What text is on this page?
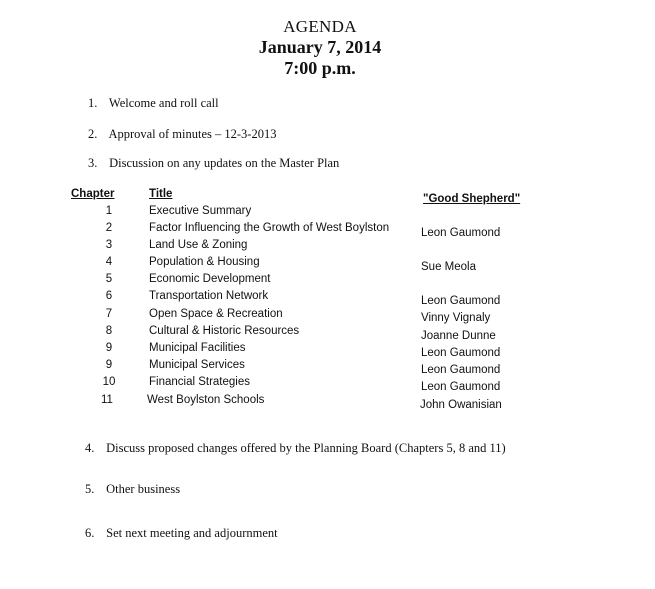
AGENDA
January 7, 2014
7:00 p.m.
1. Welcome and roll call
2. Approval of minutes – 12-3-2013
3. Discussion on any updates on the Master Plan
Chapter	Title	"Good Shepherd"
1	Executive Summary
2	Factor Influencing the Growth of West Boylston	Leon Gaumond
3	Land Use & Zoning
4	Population & Housing	Sue Meola
5	Economic Development
6	Transportation Network	Leon Gaumond
7	Open Space & Recreation	Vinny Vignaly
8	Cultural & Historic Resources	Joanne Dunne
9	Municipal Facilities	Leon Gaumond
9	Municipal Services	Leon Gaumond
10	Financial Strategies	Leon Gaumond
11	West Boylston Schools	John Owanisian
4. Discuss proposed changes offered by the Planning Board (Chapters 5, 8 and 11)
5. Other business
6. Set next meeting and adjournment
